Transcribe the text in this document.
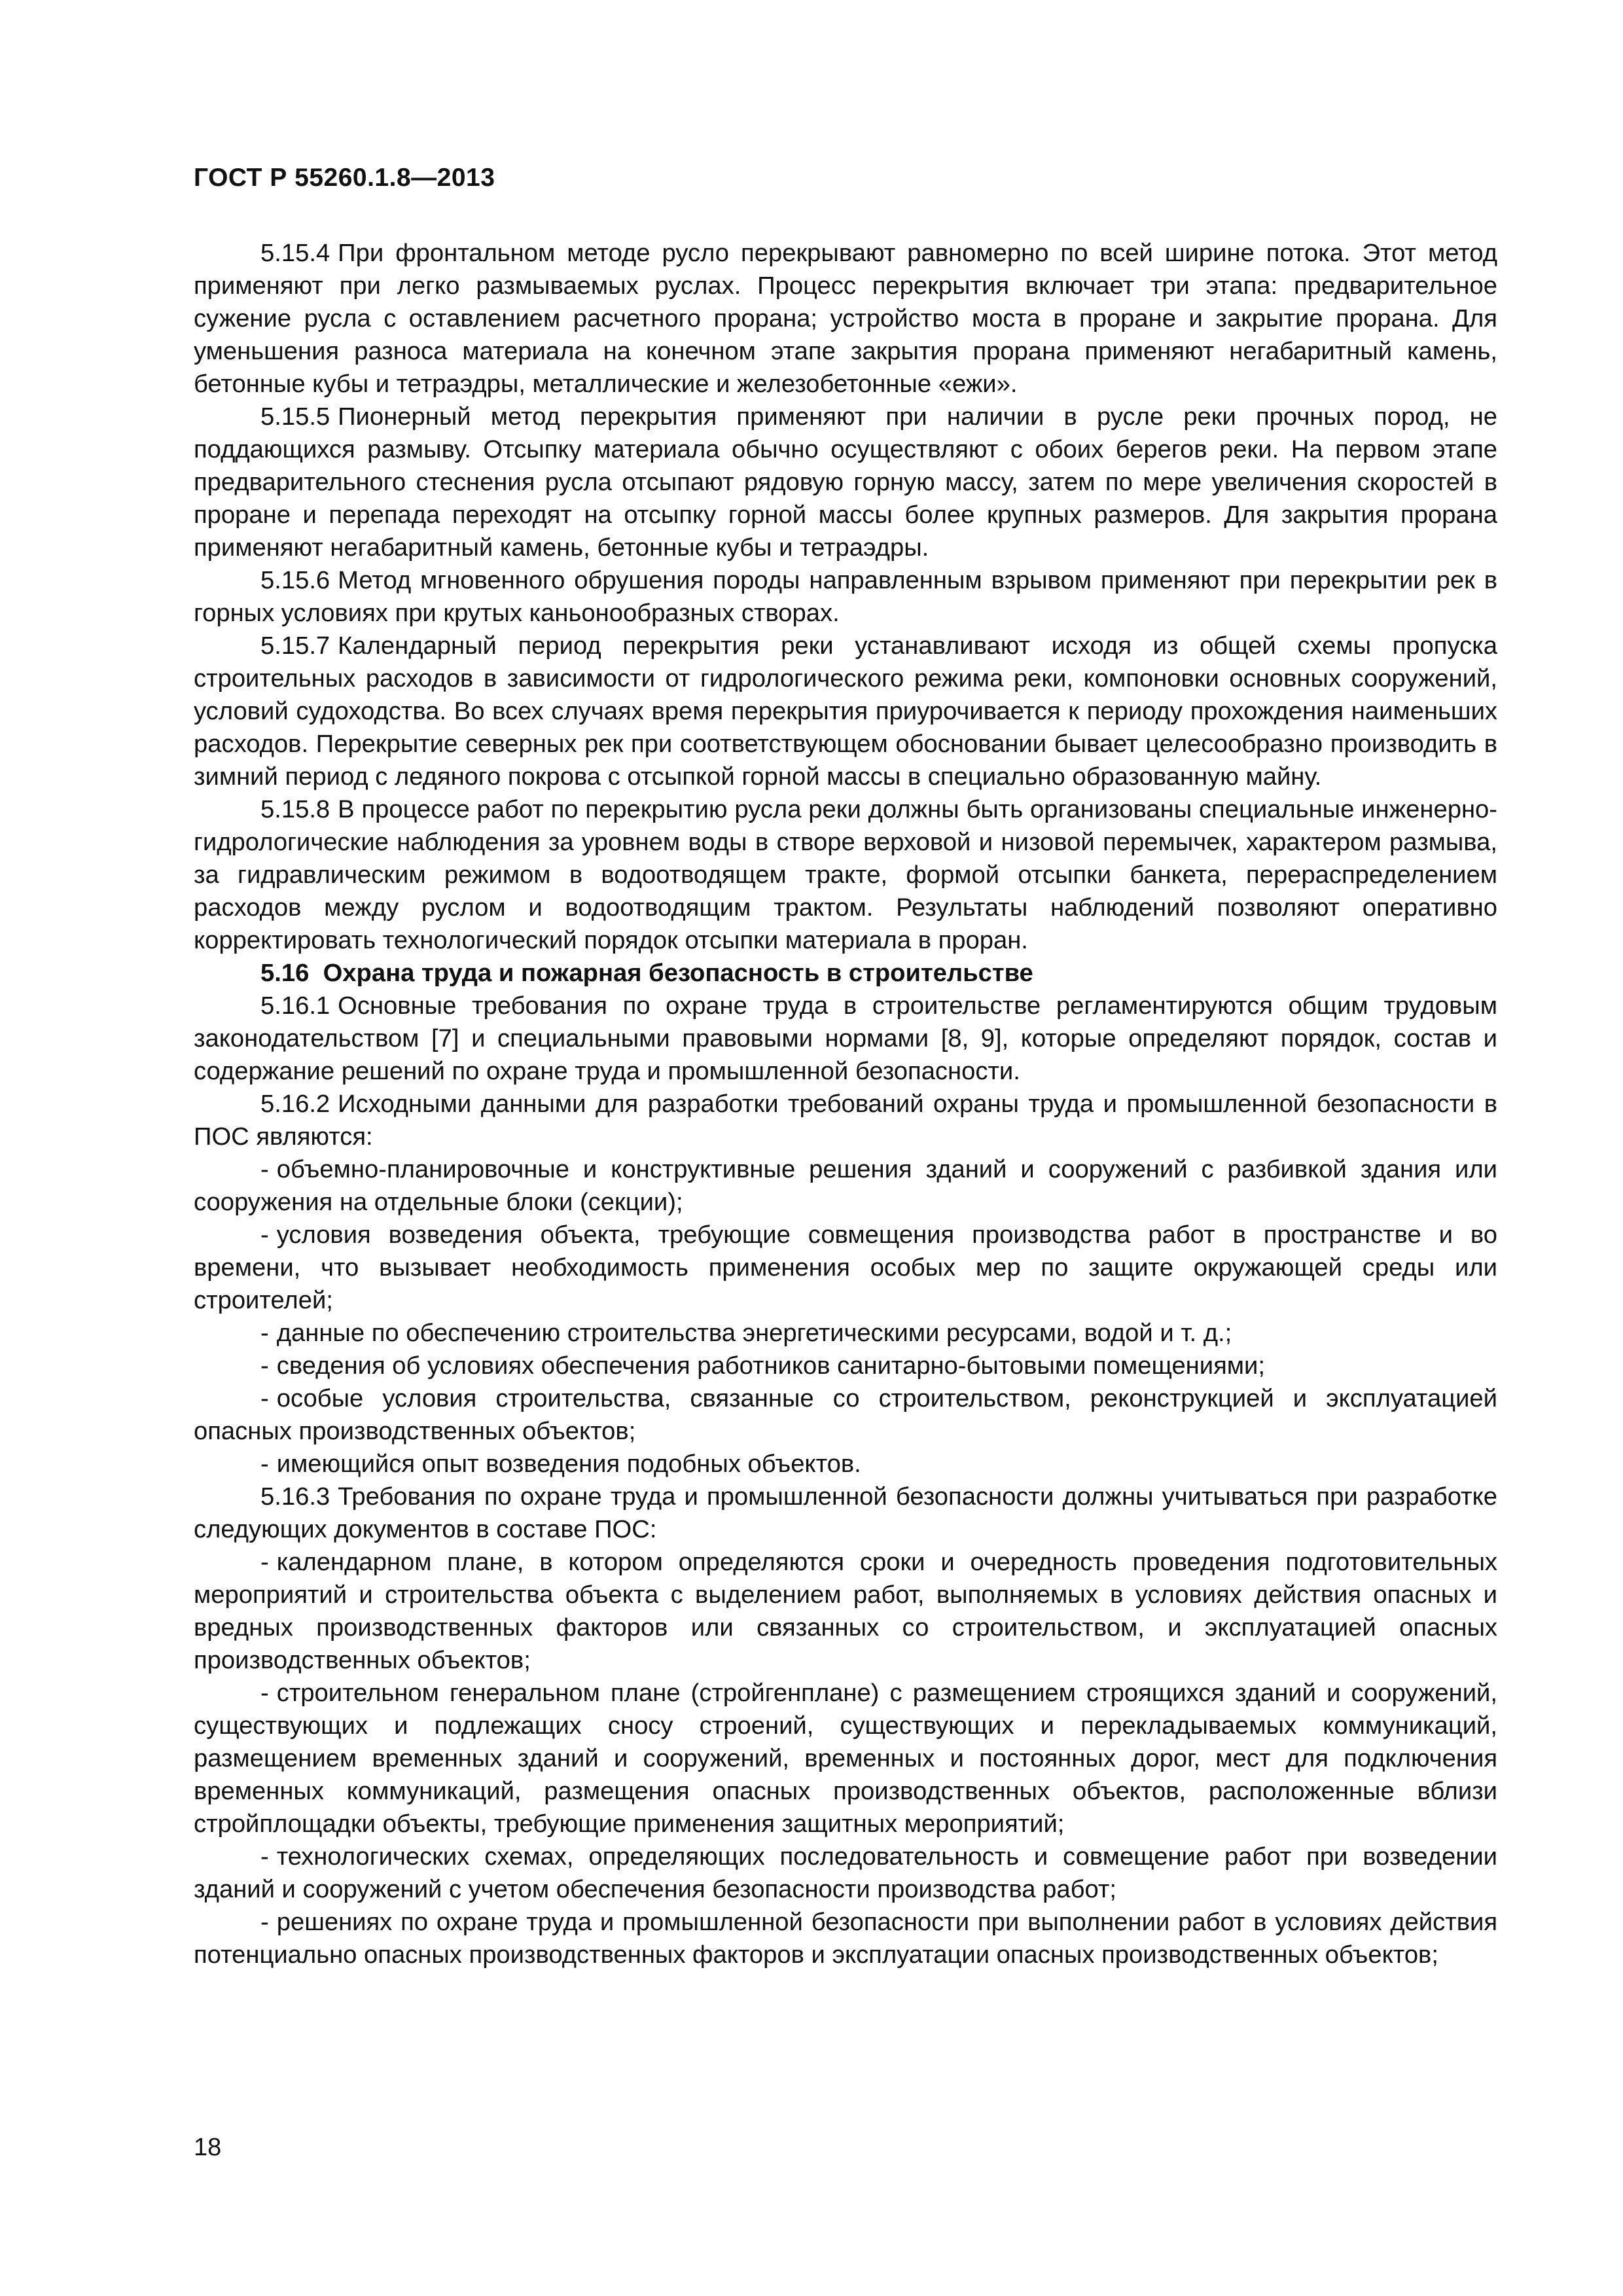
ГОСТ Р 55260.1.8—2013

5.15.4 При фронтальном методе русло перекрывают равномерно по всей ширине потока. Этот метод применяют при легко размываемых руслах. Процесс перекрытия включает три этапа: предварительное сужение русла с оставлением расчетного прорана; устройство моста в проране и закрытие прорана. Для уменьшения разноса материала на конечном этапе закрытия прорана применяют негабаритный камень, бетонные кубы и тетраэдры, металлические и железобетонные «ежи».

5.15.5 Пионерный метод перекрытия применяют при наличии в русле реки прочных пород, не поддающихся размыву. Отсыпку материала обычно осуществляют с обоих берегов реки. На первом этапе предварительного стеснения русла отсыпают рядовую горную массу, затем по мере увеличения скоростей в проране и перепада переходят на отсыпку горной массы более крупных размеров. Для закрытия прорана применяют негабаритный камень, бетонные кубы и тетраэдры.

5.15.6 Метод мгновенного обрушения породы направленным взрывом применяют при перекрытии рек в горных условиях при крутых каньонообразных створах.

5.15.7 Календарный период перекрытия реки устанавливают исходя из общей схемы пропуска строительных расходов в зависимости от гидрологического режима реки, компоновки основных сооружений, условий судоходства. Во всех случаях время перекрытия приурочивается к периоду прохождения наименьших расходов. Перекрытие северных рек при соответствующем обосновании бывает целесообразно производить в зимний период с ледяного покрова с отсыпкой горной массы в специально образованную майну.

5.15.8 В процессе работ по перекрытию русла реки должны быть организованы специальные инженерно-гидрологические наблюдения за уровнем воды в створе верховой и низовой перемычек, характером размыва, за гидравлическим режимом в водоотводящем тракте, формой отсыпки банкета, перераспределением расходов между руслом и водоотводящим трактом. Результаты наблюдений позволяют оперативно корректировать технологический порядок отсыпки материала в проран.

5.16 Охрана труда и пожарная безопасность в строительстве

5.16.1 Основные требования по охране труда в строительстве регламентируются общим трудовым законодательством [7] и специальными правовыми нормами [8, 9], которые определяют порядок, состав и содержание решений по охране труда и промышленной безопасности.

5.16.2 Исходными данными для разработки требований охраны труда и промышленной безопасности в ПОС являются:

- объемно-планировочные и конструктивные решения зданий и сооружений с разбивкой здания или сооружения на отдельные блоки (секции);

- условия возведения объекта, требующие совмещения производства работ в пространстве и во времени, что вызывает необходимость применения особых мер по защите окружающей среды или строителей;

- данные по обеспечению строительства энергетическими ресурсами, водой и т. д.;

- сведения об условиях обеспечения работников санитарно-бытовыми помещениями;

- особые условия строительства, связанные со строительством, реконструкцией и эксплуатацией опасных производственных объектов;

- имеющийся опыт возведения подобных объектов.

5.16.3 Требования по охране труда и промышленной безопасности должны учитываться при разработке следующих документов в составе ПОС:

- календарном плане, в котором определяются сроки и очередность проведения подготовительных мероприятий и строительства объекта с выделением работ, выполняемых в условиях действия опасных и вредных производственных факторов или связанных со строительством, и эксплуатацией опасных производственных объектов;

- строительном генеральном плане (стройгенплане) с размещением строящихся зданий и сооружений, существующих и подлежащих сносу строений, существующих и перекладываемых коммуникаций, размещением временных зданий и сооружений, временных и постоянных дорог, мест для подключения временных коммуникаций, размещения опасных производственных объектов, расположенные вблизи стройплощадки объекты, требующие применения защитных мероприятий;

- технологических схемах, определяющих последовательность и совмещение работ при возведении зданий и сооружений с учетом обеспечения безопасности производства работ;

- решениях по охране труда и промышленной безопасности при выполнении работ в условиях действия потенциально опасных производственных факторов и эксплуатации опасных производственных объектов;

18
